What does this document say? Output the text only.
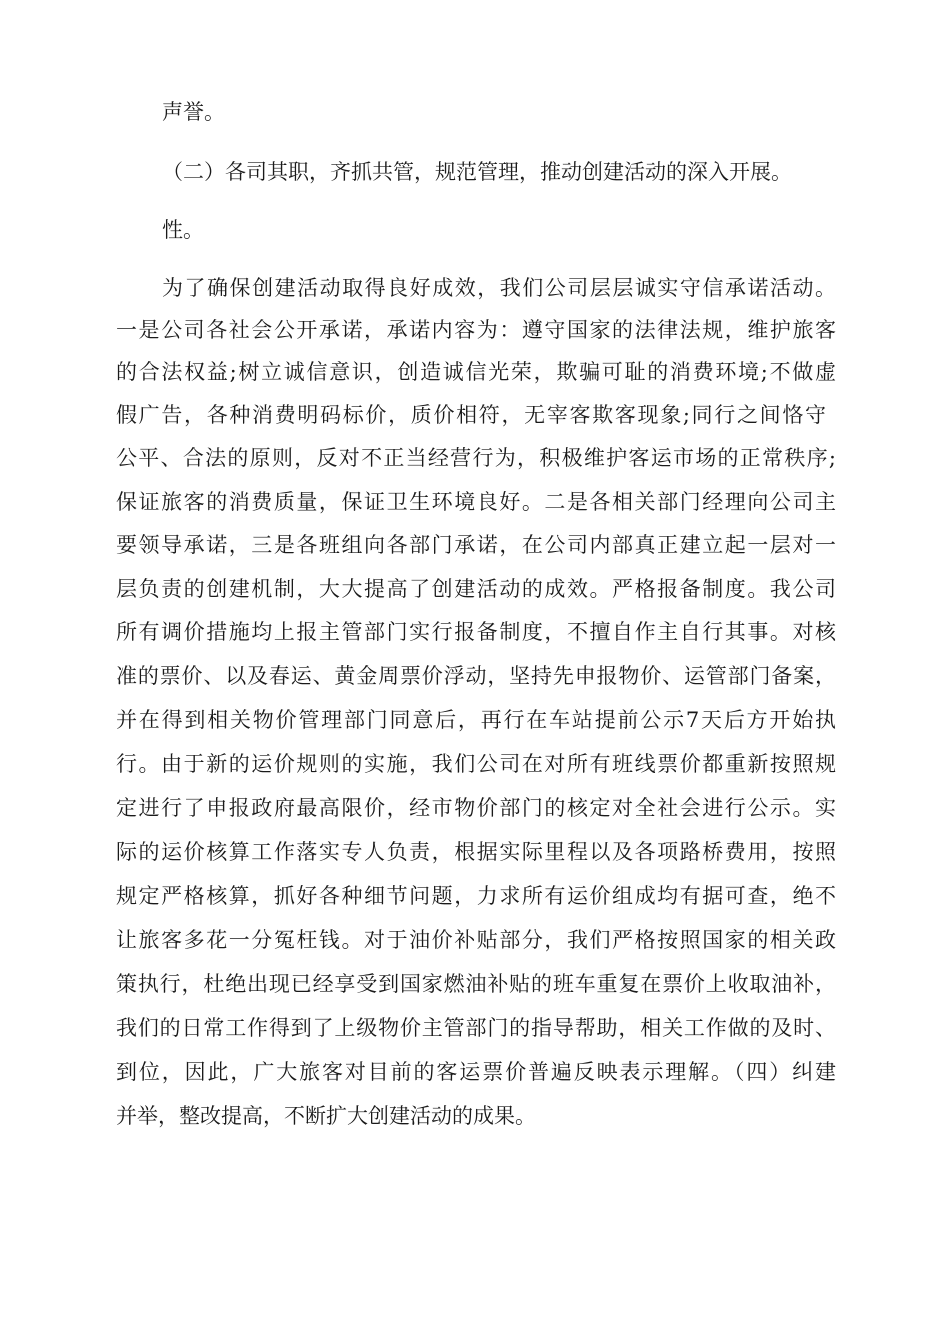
声誉。

（二）各司其职，齐抓共管，规范管理，推动创建活动的深入开展。

性。

为了确保创建活动取得良好成效，我们公司层层诚实守信承诺活动。

一是公司各社会公开承诺，承诺内容为：遵守国家的法律法规，维护旅客

的合法权益;树立诚信意识，创造诚信光荣，欺骗可耻的消费环境;不做虚

假广告，各种消费明码标价，质价相符，无宰客欺客现象;同行之间恪守

公平、合法的原则，反对不正当经营行为，积极维护客运市场的正常秩序;

保证旅客的消费质量，保证卫生环境良好。二是各相关部门经理向公司主

要领导承诺，三是各班组向各部门承诺，在公司内部真正建立起一层对一

层负责的创建机制，大大提高了创建活动的成效。严格报备制度。我公司

所有调价措施均上报主管部门实行报备制度，不擅自作主自行其事。对核

准的票价、以及春运、黄金周票价浮动，坚持先申报物价、运管部门备案，

并在得到相关物价管理部门同意后，再行在车站提前公示7天后方开始执

行。由于新的运价规则的实施，我们公司在对所有班线票价都重新按照规

定进行了申报政府最高限价，经市物价部门的核定对全社会进行公示。实

际的运价核算工作落实专人负责，根据实际里程以及各项路桥费用，按照

规定严格核算，抓好各种细节问题，力求所有运价组成均有据可查，绝不

让旅客多花一分冤枉钱。对于油价补贴部分，我们严格按照国家的相关政

策执行，杜绝出现已经享受到国家燃油补贴的班车重复在票价上收取油补，

我们的日常工作得到了上级物价主管部门的指导帮助，相关工作做的及时、

到位，因此，广大旅客对目前的客运票价普遍反映表示理解。（四）纠建

并举，整改提高，不断扩大创建活动的成果。
